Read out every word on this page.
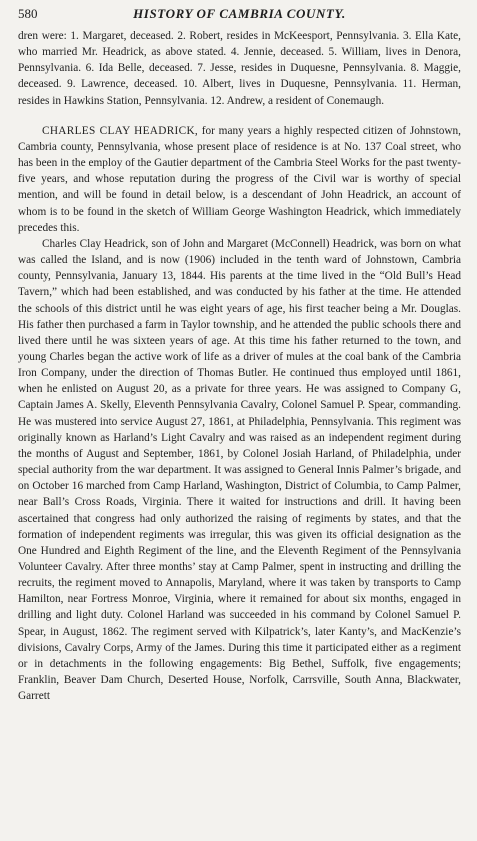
580	HISTORY OF CAMBRIA COUNTY.

dren were: 1. Margaret, deceased. 2. Robert, resides in McKeesport, Pennsylvania. 3. Ella Kate, who married Mr. Headrick, as above stated. 4. Jennie, deceased. 5. William, lives in Denora, Pennsylvania. 6. Ida Belle, deceased. 7. Jesse, resides in Duquesne, Pennsylvania. 8. Maggie, deceased. 9. Lawrence, deceased. 10. Albert, lives in Duquesne, Pennsylvania. 11. Herman, resides in Hawkins Station, Pennsylvania. 12. Andrew, a resident of Conemaugh.

CHARLES CLAY HEADRICK, for many years a highly respected citizen of Johnstown, Cambria county, Pennsylvania, whose present place of residence is at No. 137 Coal street, who has been in the employ of the Gautier department of the Cambria Steel Works for the past twenty-five years, and whose reputation during the progress of the Civil war is worthy of special mention, and will be found in detail below, is a descendant of John Headrick, an account of whom is to be found in the sketch of William George Washington Headrick, which immediately precedes this.

Charles Clay Headrick, son of John and Margaret (McConnell) Headrick, was born on what was called the Island, and is now (1906) included in the tenth ward of Johnstown, Cambria county, Pennsylvania, January 13, 1844. His parents at the time lived in the “Old Bull’s Head Tavern,” which had been established, and was conducted by his father at the time. He attended the schools of this district until he was eight years of age, his first teacher being a Mr. Douglas. His father then purchased a farm in Taylor township, and he attended the public schools there and lived there until he was sixteen years of age. At this time his father returned to the town, and young Charles began the active work of life as a driver of mules at the coal bank of the Cambria Iron Company, under the direction of Thomas Butler. He continued thus employed until 1861, when he enlisted on August 20, as a private for three years. He was assigned to Company G, Captain James A. Skelly, Eleventh Pennsylvania Cavalry, Colonel Samuel P. Spear, commanding. He was mustered into service August 27, 1861, at Philadelphia, Pennsylvania. This regiment was originally known as Harland’s Light Cavalry and was raised as an independent regiment during the months of August and September, 1861, by Colonel Josiah Harland, of Philadelphia, under special authority from the war department. It was assigned to General Innis Palmer’s brigade, and on October 16 marched from Camp Harland, Washington, District of Columbia, to Camp Palmer, near Ball’s Cross Roads, Virginia. There it waited for instructions and drill. It having been ascertained that congress had only authorized the raising of regiments by states, and that the formation of independent regiments was irregular, this was given its official designation as the One Hundred and Eighth Regiment of the line, and the Eleventh Regiment of the Pennsylvania Volunteer Cavalry. After three months’ stay at Camp Palmer, spent in instructing and drilling the recruits, the regiment moved to Annapolis, Maryland, where it was taken by transports to Camp Hamilton, near Fortress Monroe, Virginia, where it remained for about six months, engaged in drilling and light duty. Colonel Harland was succeeded in his command by Colonel Samuel P. Spear, in August, 1862. The regiment served with Kilpatrick’s, later Kanty’s, and MacKenzie’s divisions, Cavalry Corps, Army of the James. During this time it participated either as a regiment or in detachments in the following engagements: Big Bethel, Suffolk, five engagements; Franklin, Beaver Dam Church, Deserted House, Norfolk, Carrsville, South Anna, Blackwater, Garrett
